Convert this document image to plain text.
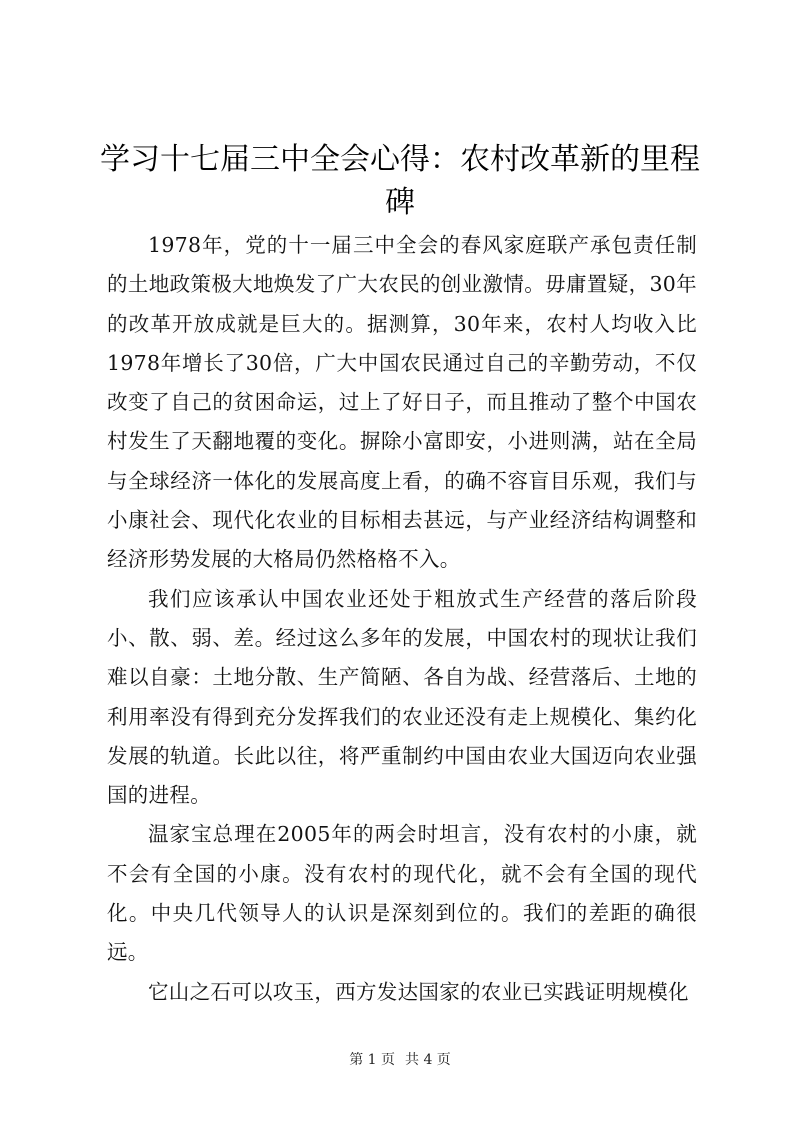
学习十七届三中全会心得：农村改革新的里程碑

1978年，党的十一届三中全会的春风家庭联产承包责任制的土地政策极大地焕发了广大农民的创业激情。毋庸置疑，30年的改革开放成就是巨大的。据测算，30年来，农村人均收入比1978年增长了30倍，广大中国农民通过自己的辛勤劳动，不仅改变了自己的贫困命运，过上了好日子，而且推动了整个中国农村发生了天翻地覆的变化。摒除小富即安，小进则满，站在全局与全球经济一体化的发展高度上看，的确不容盲目乐观，我们与小康社会、现代化农业的目标相去甚远，与产业经济结构调整和经济形势发展的大格局仍然格格不入。

我们应该承认中国农业还处于粗放式生产经营的落后阶段小、散、弱、差。经过这么多年的发展，中国农村的现状让我们难以自豪：土地分散、生产简陋、各自为战、经营落后、土地的利用率没有得到充分发挥我们的农业还没有走上规模化、集约化发展的轨道。长此以往，将严重制约中国由农业大国迈向农业强国的进程。

温家宝总理在2005年的两会时坦言，没有农村的小康，就不会有全国的小康。没有农村的现代化，就不会有全国的现代化。中央几代领导人的认识是深刻到位的。我们的差距的确很远。

它山之石可以攻玉，西方发达国家的农业已实践证明规模化

第 1 页 共 4 页
